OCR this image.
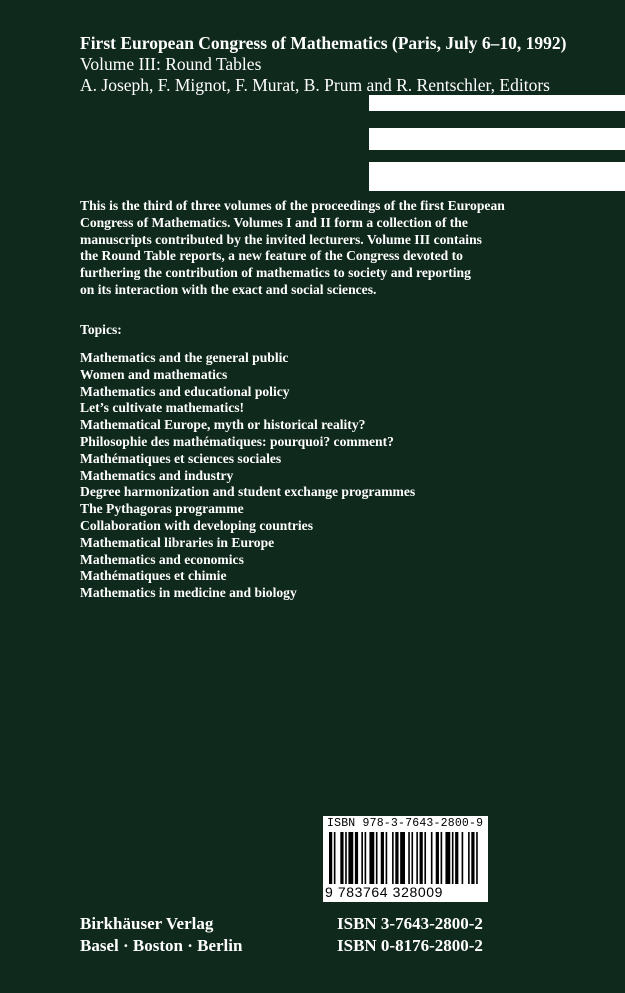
First European Congress of Mathematics (Paris, July 6–10, 1992)
Volume III: Round Tables
A. Joseph, F. Mignot, F. Murat, B. Prum and R. Rentschler, Editors
This is the third of three volumes of the proceedings of the first European
Congress of Mathematics. Volumes I and II form a collection of the
manuscripts contributed by the invited lecturers. Volume III contains
the Round Table reports, a new feature of the Congress devoted to
furthering the contribution of mathematics to society and reporting
on its interaction with the exact and social sciences.
Topics:
Mathematics and the general public
Women and mathematics
Mathematics and educational policy
Let’s cultivate mathematics!
Mathematical Europe, myth or historical reality?
Philosophie des mathématiques: pourquoi? comment?
Mathématiques et sciences sociales
Mathematics and industry
Degree harmonization and student exchange programmes
The Pythagoras programme
Collaboration with developing countries
Mathematical libraries in Europe
Mathematics and economics
Mathématiques et chimie
Mathematics in medicine and biology
ISBN 978-3-7643-2800-9
9 783764 328009
Birkhäuser Verlag
Basel · Boston · Berlin
ISBN 3-7643-2800-2
ISBN 0-8176-2800-2
